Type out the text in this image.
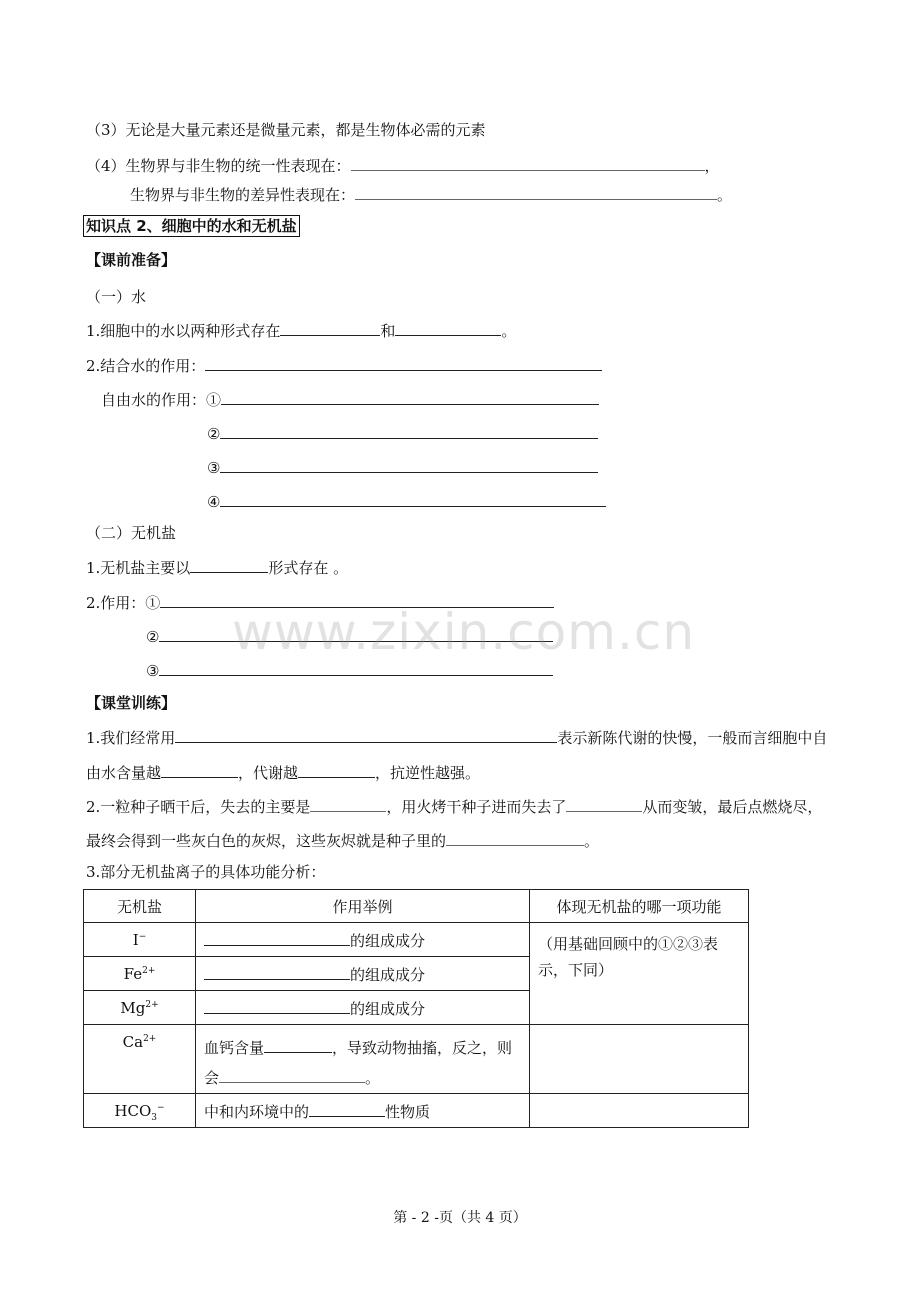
（3）无论是大量元素还是微量元素，都是生物体必需的元素
（4）生物界与非生物的统一性表现在：	，
生物界与非生物的差异性表现在：	。
知识点 2、细胞中的水和无机盐
【课前准备】
（一）水
1.细胞中的水以两种形式存在	和	。
2.结合水的作用：
自由水的作用：①
②
③
④
（二）无机盐
1.无机盐主要以	形式存在 。
2.作用：①
②
③
【课堂训练】
1.我们经常用	表示新陈代谢的快慢，一般而言细胞中自
由水含量越	，代谢越	，抗逆性越强。
2.一粒种子晒干后，失去的主要是	，用火烤干种子进而失去了	从而变皱，最后点燃烧尽，
最终会得到一些灰白色的灰烬，这些灰烬就是种子里的	。
3.部分无机盐离子的具体功能分析：
无机盐	作用举例	体现无机盐的哪一项功能
I−	的组成成分	（用基础回顾中的①②③表示，下同）
$Fe^{2+}$	的组成成分	
$Mg^{2+}$	的组成成分	
$Ca^{2+}$	血钙含量 ，导致动物抽搐，反之，则
会 。	
$HCO_3^-$	中和内环境中的 性物质	
www.zixin.com.cn
第 - 2 -页（共 4 页）
